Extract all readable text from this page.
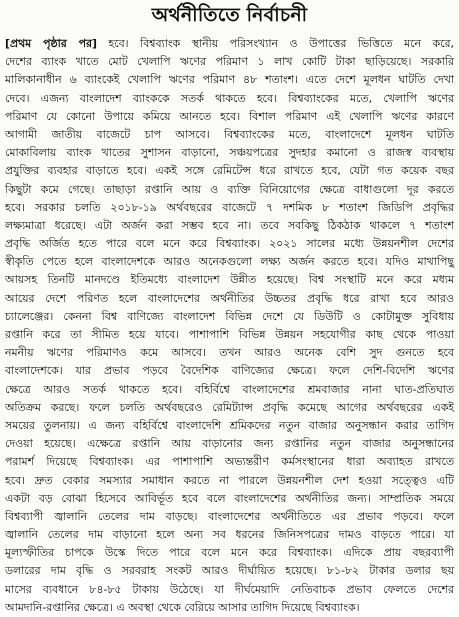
অর্থনীতিতে নির্বাচনী
[প্রথম পৃষ্ঠার পর] হবে। বিশ্বব্যাংক স্থানীয় পরিসংখ্যান ও উপাত্তের ভিত্তিতে মনে করে,
দেশের ব্যাংক খাতে মোট খেলাপি ঋণের পরিমাণ ১ লাখ কোটি টাকা ছাড়িয়েছে। সরকারি
মালিকানাধীন ৬ ব্যাংকেই খেলাপি ঋণের পরিমাণ ৪৮ শতাংশ। এতে দেশে মূলধন ঘাটতি দেখা
দেবে। এজন্য বাংলাদেশ ব্যাংককে সতর্ক থাকতে হবে। বিশ্বব্যাংকের মতে, খেলাপি ঋণের
পরিমাণ যে কোনো উপায়ে কমিয়ে আনতে হবে। বিশাল পরিমাণ এই খেলাপি ঋণের কারণে
আগামী জাতীয় বাজেটে চাপ আসবে। বিশ্বব্যাংকের মতে, বাংলাদেশে মূলধন ঘাটতি
মোকাবিলায় ব্যাংক খাতের সুশাসন বাড়ানো, সঞ্চয়পত্রের সুদহার কমানো ও রাজস্ব ব্যবস্থায়
প্রযুক্তির ব্যবহার বাড়াতে হবে। একই সঙ্গে রেমিটেন্স ধরে রাখতে হবে, যেটা গত কয়েক বছর
কিছুটা কমে গেছে। তাছাড়া রপ্তানি আয় ও ব্যক্তি বিনিয়োগের ক্ষেত্রে বাধাগুলো দূর করতে
হবে। সরকার চলতি ২০১৮-১৯ অর্থবছরের বাজেটে ৭ দশমিক ৮ শতাংশ জিডিপি প্রবৃদ্ধির
লক্ষ্যমাত্রা ধরেছে। এটা অর্জন করা সম্ভব হবে না। তবে সবকিছু ঠিকঠাক থাকলে ৭ শতাংশ
প্রবৃদ্ধি অর্জিত হতে পারে বলে মনে করে বিশ্বব্যাংক। ২০২১ সালের মধ্যে উন্নয়নশীল দেশের
স্বীকৃতি পেতে হলে বাংলাদেশকে আরও অনেকগুলো লক্ষ্য অর্জন করতে হবে। যদিও মাথাপিছু
আয়সহ তিনটি মানদণ্ডে ইতিমধ্যে বাংলাদেশ উন্নীত হয়েছে। বিশ্ব সংস্থাটি মনে করে মধ্যম
আয়ের দেশে পরিণত হলে বাংলাদেশের অর্থনীতির উচ্চতর প্রবৃদ্ধি ধরে রাখা হবে আরও
চ্যালেঞ্জের। কেননা বিশ্ব বাণিজ্যে বাংলাদেশ বিভিন্ন দেশে যে ডিউটি ও কোটামুক্ত সুবিধায়
রপ্তানি করে তা সীমিত হয়ে যাবে। পাশাপাশি বিভিন্ন উন্নয়ন সহযোগীর কাছ থেকে পাওয়া
নমনীয় ঋণের পরিমাণও কমে আসবে। তখন আরও অনেক বেশি সুদ গুনতে হবে
বাংলাদেশকে। যার প্রভাব পড়বে বৈদেশিক বাণিজ্যের ক্ষেত্রে। ফলে দেশি-বিদেশি ঋণের
ক্ষেত্রে আরও সতর্ক থাকতে হবে। বহির্বিশ্বে বাংলাদেশের শ্রমবাজার নানা ঘাত-প্রতিঘাত
অতিক্রম করছে। ফলে চলতি অর্থবছরেও রেমিট্যান্স প্রবৃদ্ধি কমেছে আগের অর্থবছরের একই
সময়ের তুলনায়। এ জন্য বহির্বিশ্বে বাংলাদেশি শ্রমিকদের নতুন বাজার অনুসন্ধান করার তাগিদ
দেওয়া হয়েছে। এক্ষেত্রে রপ্তানি আয় বাড়ানোর জন্য রপ্তানির নতুন বাজার অনুসন্ধানের
পরামর্শ দিয়েছে বিশ্বব্যাংক। এর পাশাপাশি অভ্যন্তরীণ কর্মসংস্থানের ধারা অব্যাহত রাখতে
হবে। দ্রুত বেকার সমস্যার সমাধান করতে না পারলে উন্নয়নশীল দেশ হওয়া সত্ত্বেও এটি
একটা বড় বোঝা হিসেবে আবির্ভূত হবে বলে বাংলাদেশের অর্থনীতির জন্য। সাম্প্রতিক সময়ে
বিশ্বব্যাপী জ্বালানি তেলের দাম বাড়ছে। বাংলাদেশের অর্থনীতিতে এর প্রভাব পড়বে। ফলে
জ্বালানি তেলের দাম বাড়ানো হলে অন্য সব ধরনের জিনিসপত্রের দামও বাড়তে পারে। যা
মূল্যস্ফীতির চাপকে উস্কে দিতে পারে বলে মনে করে বিশ্বব্যাংক। এদিকে প্রায় বছরব্যাপী
ডলারের দাম বৃদ্ধি ও সরবরাহ সংকট আরও দীর্ঘায়িত হয়েছে। ৮১-৮২ টাকার ডলার ছয়
মাসের ব্যবধানে ৮৪-৮৫ টাকায় উঠেছে। যা দীর্ঘমেয়াদি নেতিবাচক প্রভাব ফেলতে দেশের
আমদানি-রপ্তানির ক্ষেত্রে। এ অবস্থা থেকে বেরিয়ে আসার তাগিদ দিয়েছে বিশ্বব্যাংক।
